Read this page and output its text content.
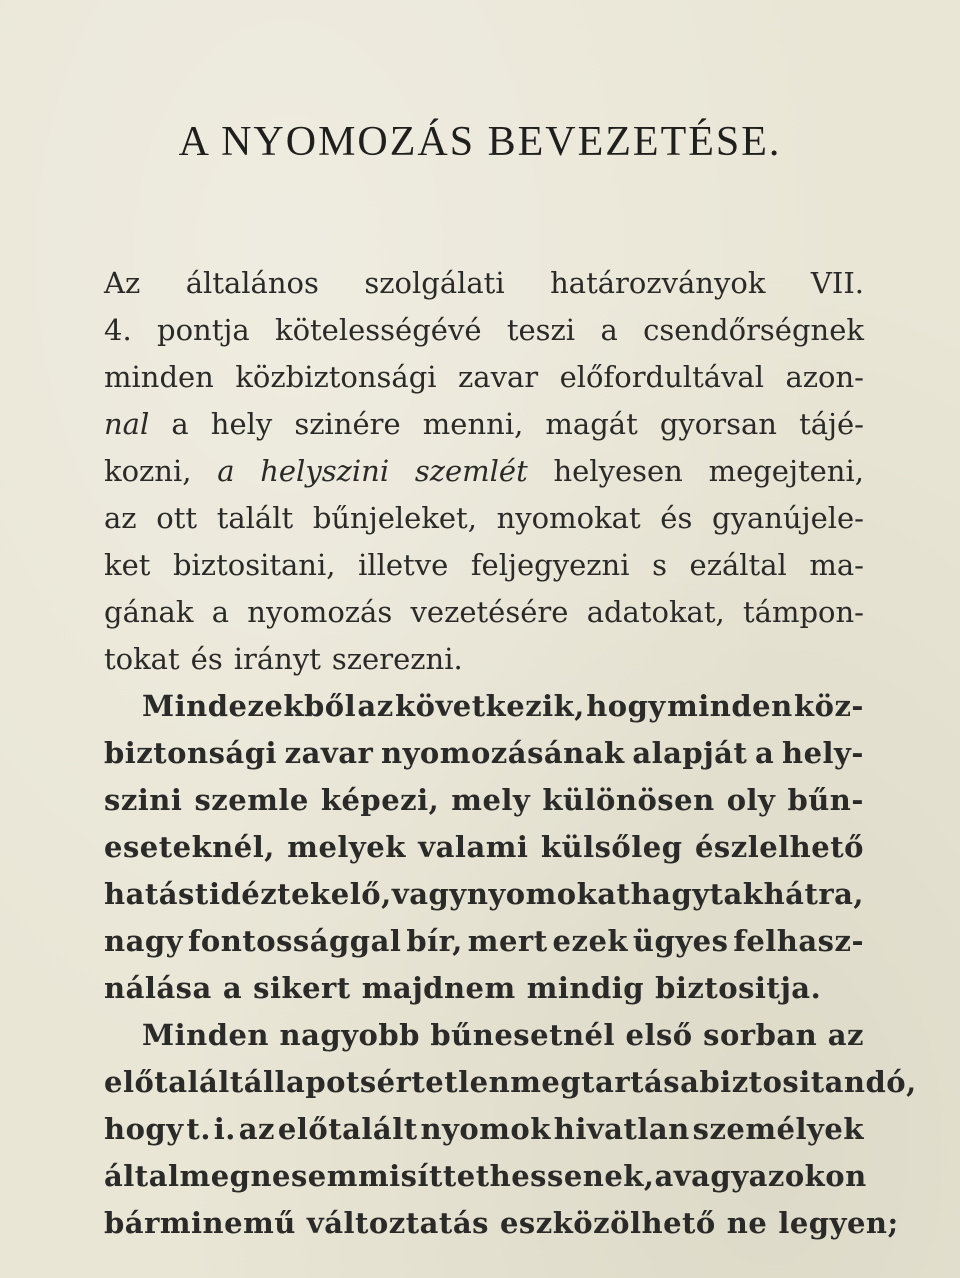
A NYOMOZÁS BEVEZETÉSE.
Az általános szolgálati határozványok VII.
4. pontja kötelességévé teszi a csendőrségnek
minden közbiztonsági zavar előfordultával azon-
nal a hely szinére menni, magát gyorsan tájé-
kozni, a helyszini szemlét helyesen megejteni,
az ott talált bűnjeleket, nyomokat és gyanújele-
ket biztositani, illetve feljegyezni s ezáltal ma-
gának a nyomozás vezetésére adatokat, támpon-
tokat és irányt szerezni.
Mindezekből az következik, hogy minden köz-
biztonsági zavar nyomozásának alapját a hely-
szini szemle képezi, mely különösen oly bűn-
eseteknél, melyek valami külsőleg észlelhető
hatást idéztek elő, vagy nyomokat hagytak hátra,
nagy fontossággal bír, mert ezek ügyes felhasz-
nálása a sikert majdnem mindig biztositja.
Minden nagyobb bűnesetnél első sorban az
előtalált állapot sértetlen megtartása biztositandó,
hogy t. i. az előtalált nyomok hivatlan személyek
által meg ne semmisíttethessenek, avagy azokon
bárminemű változtatás eszközölhető ne legyen;
